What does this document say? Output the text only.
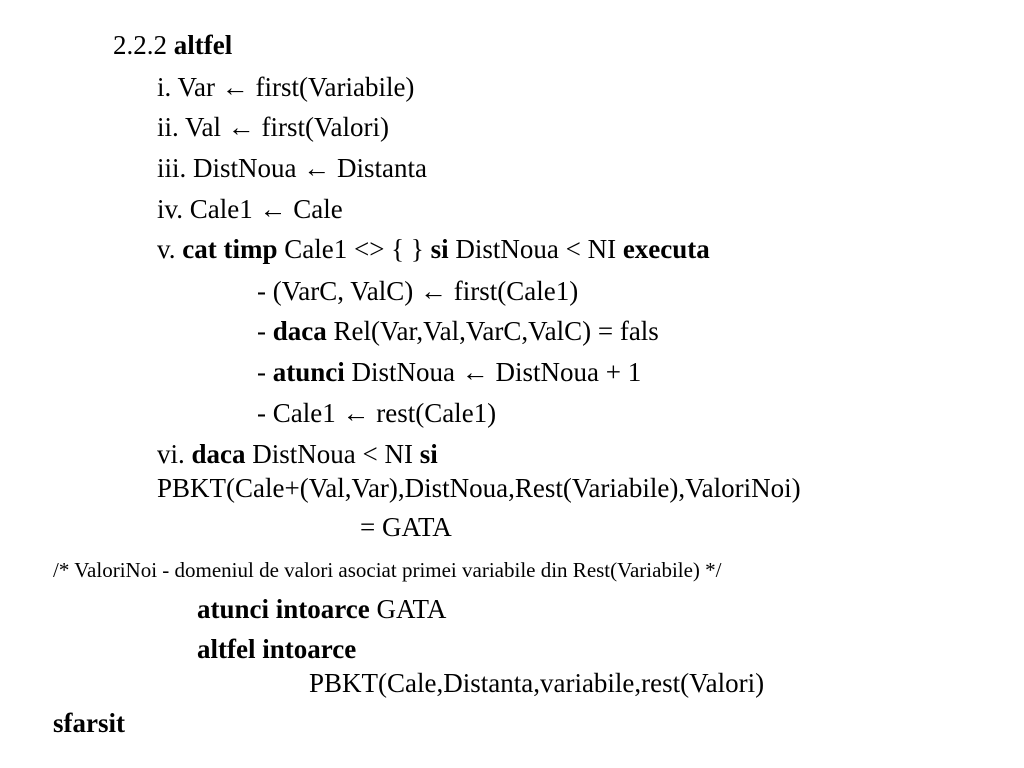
2.2.2 altfel
i. Var ← first(Variabile)
ii. Val ← first(Valori)
iii. DistNoua ← Distanta
iv. Cale1 ← Cale
v. cat timp Cale1 <> { } si DistNoua < NI executa
- (VarC, ValC) ← first(Cale1)
- daca Rel(Var,Val,VarC,ValC) = fals
- atunci DistNoua ← DistNoua + 1
- Cale1 ← rest(Cale1)
vi. daca DistNoua < NI si
PBKT(Cale+(Val,Var),DistNoua,Rest(Variabile),ValoriNoi)
= GATA
/* ValoriNoi - domeniul de valori asociat primei variabile din Rest(Variabile) */
atunci intoarce GATA
altfel intoarce
PBKT(Cale,Distanta,variabile,rest(Valori)
sfarsit
